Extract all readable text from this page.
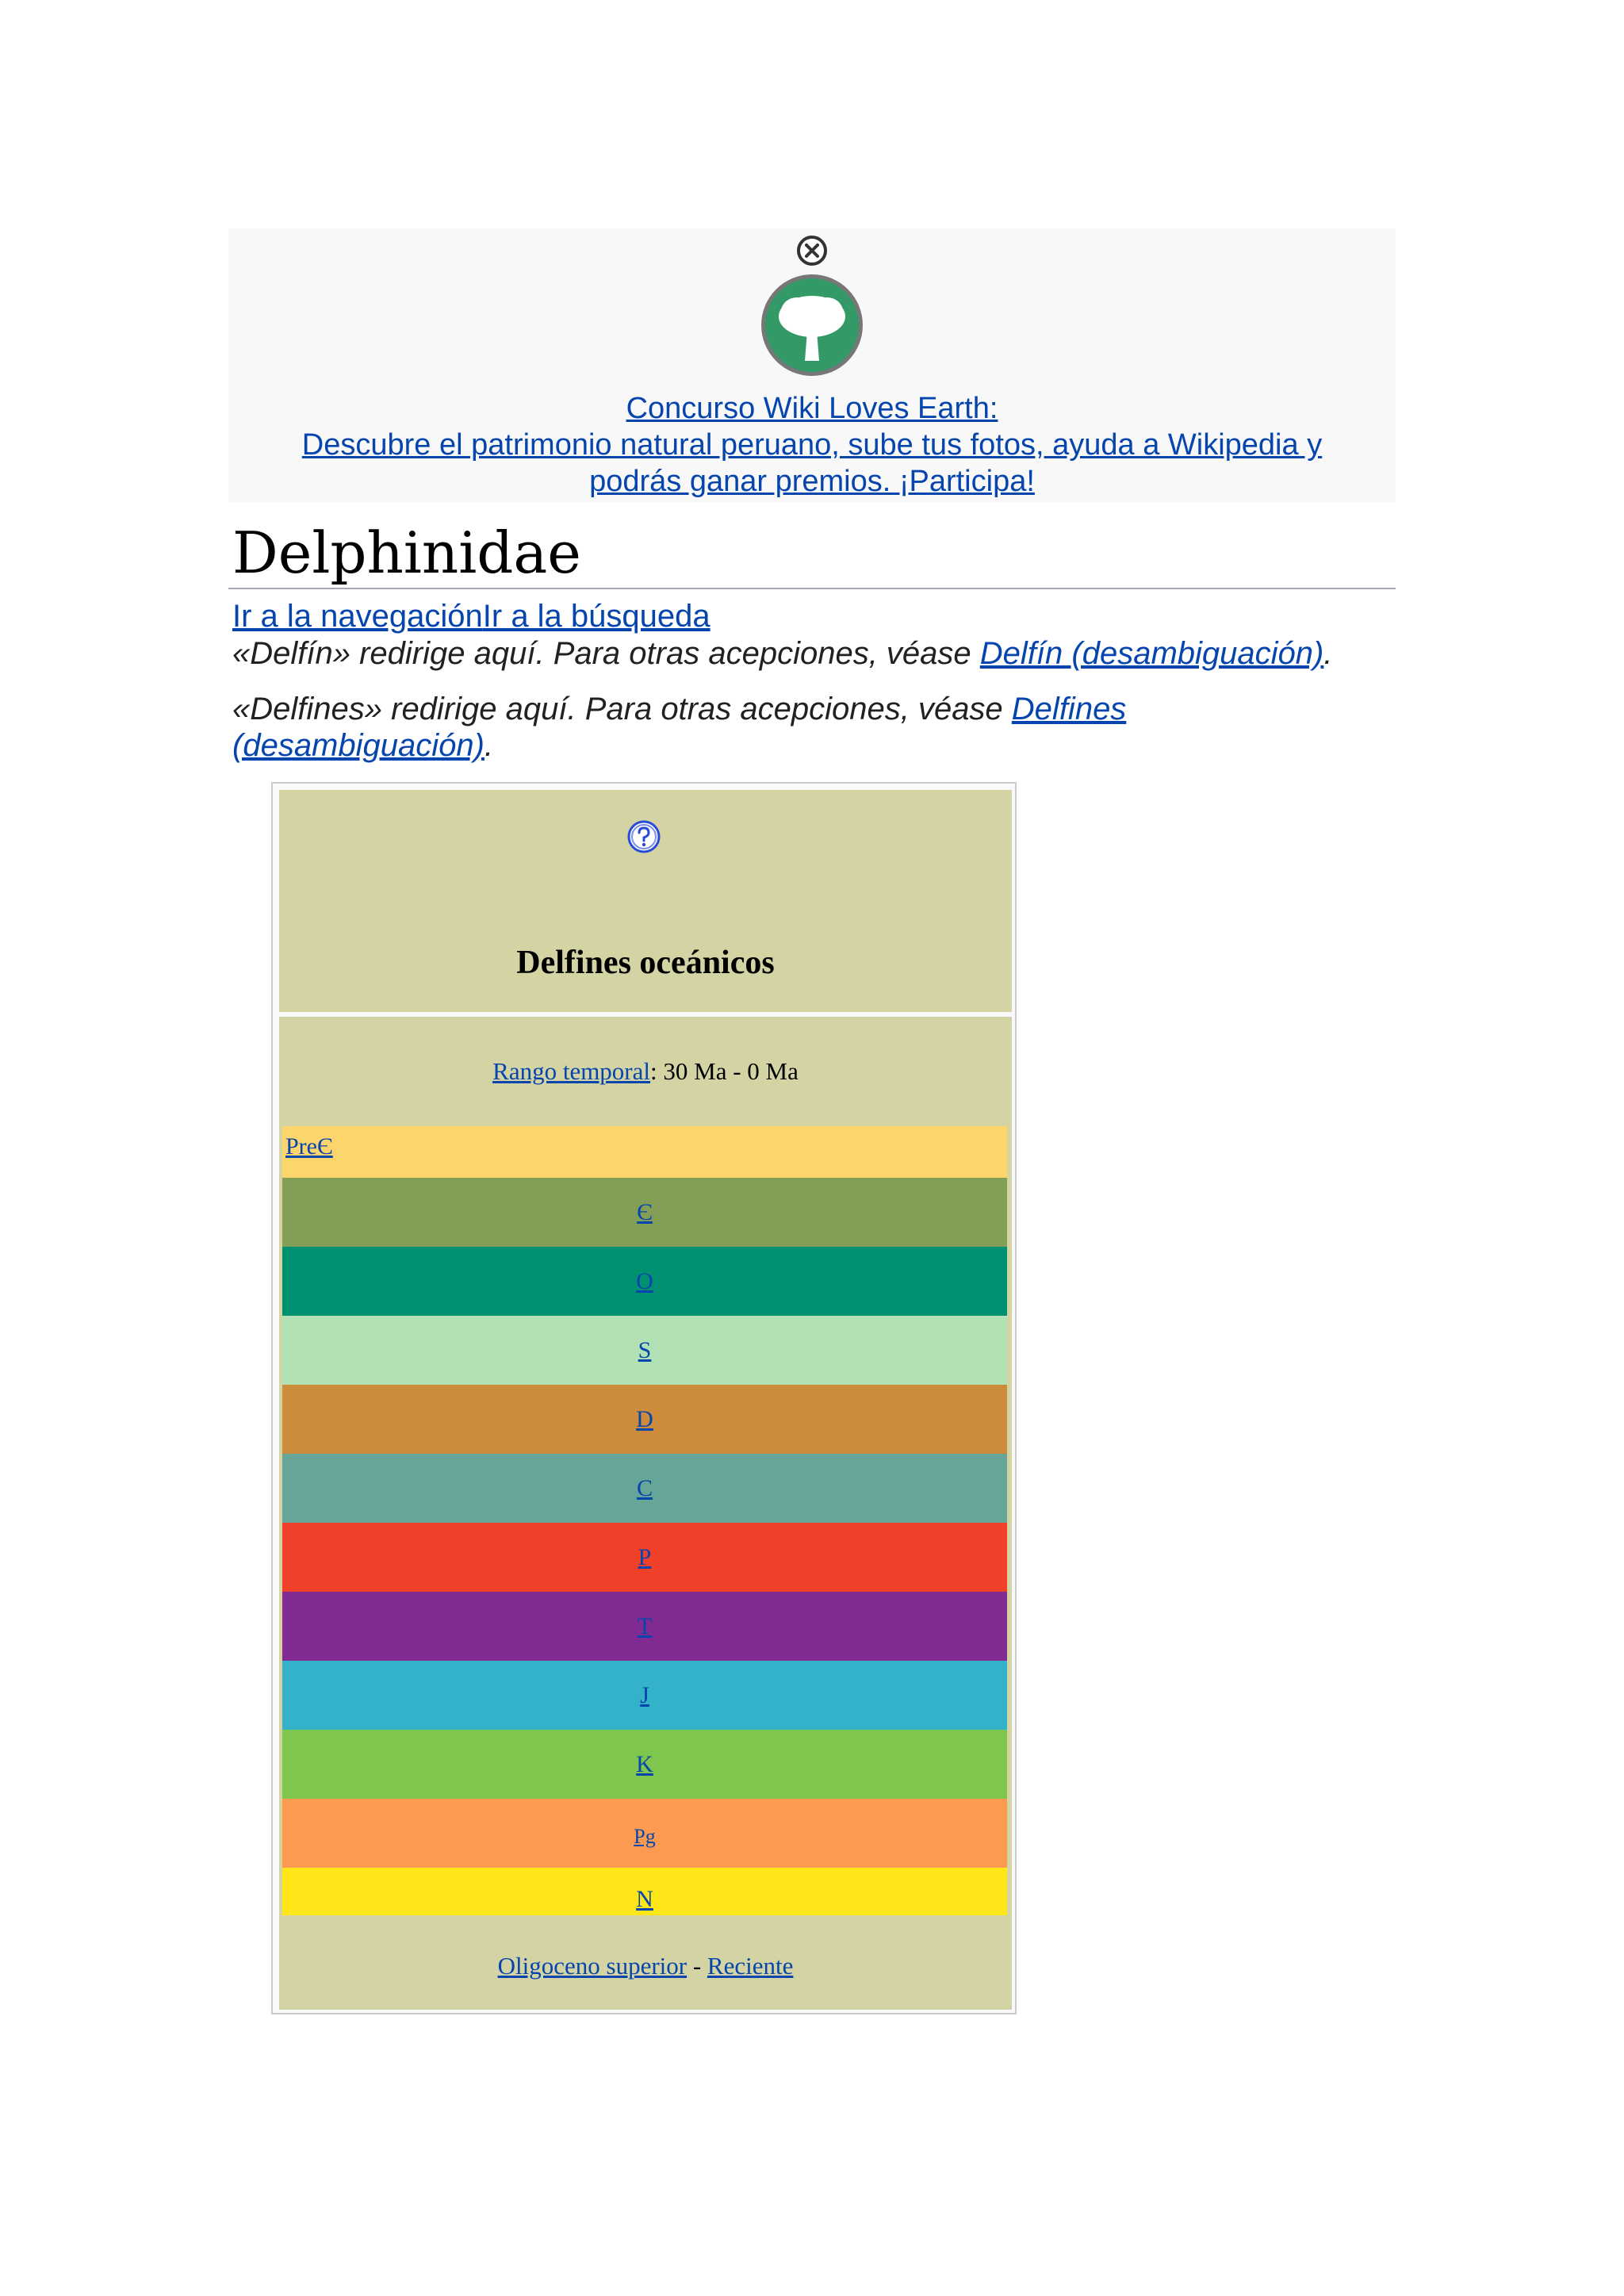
Concurso Wiki Loves Earth:
Descubre el patrimonio natural peruano, sube tus fotos, ayuda a Wikipedia y
podrás ganar premios. ¡Participa!
Delphinidae
Ir a la navegaciónIr a la búsqueda
«Delfín» redirige aquí. Para otras acepciones, véase Delfín (desambiguación).
«Delfines» redirige aquí. Para otras acepciones, véase Delfines
(desambiguación).
Delfines oceánicos
Rango temporal: 30 Ma - 0 Ma
PreЄ
Є
O
S
D
C
P
T
J
K
Pg
N
Oligoceno superior - Reciente
